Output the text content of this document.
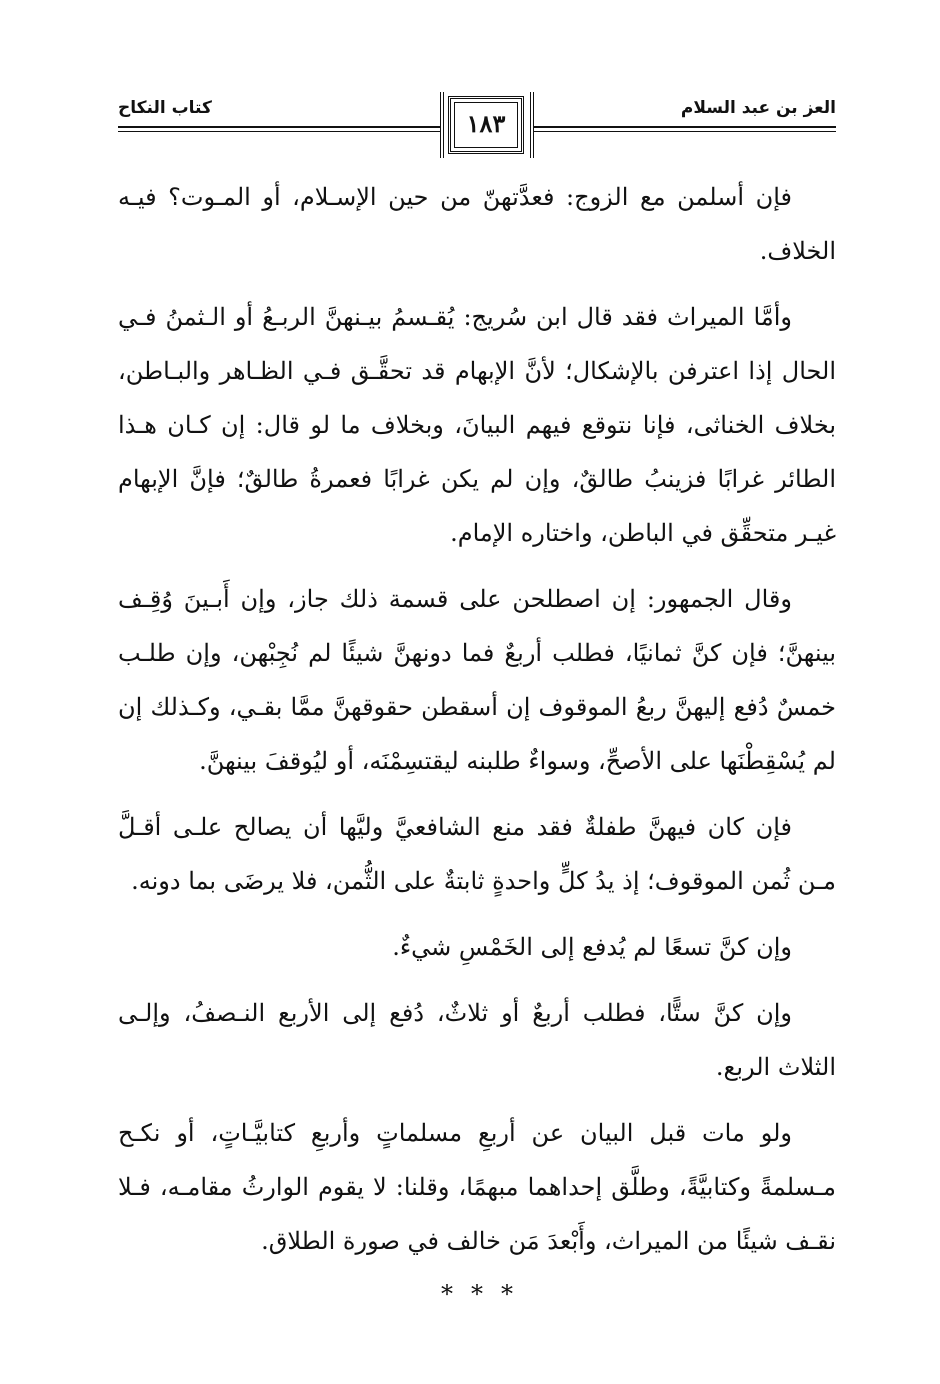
العز بن عبد السلام
كتاب النكاح
١٨٣

فإن أسلمن مع الزوج: فعدَّتهنّ من حين الإسـلام، أو المـوت؟ فيـه الخلاف.

وأمَّا الميراث فقد قال ابن سُريج: يُقـسمُ بيـنهنَّ الربـعُ أو الـثمنُ فـي الحال إذا اعترفن بالإشكال؛ لأنَّ الإبهام قد تحقَّـق فـي الظـاهر والبـاطن، بخلاف الخناثى، فإنا نتوقع فيهم البيانَ، وبخلاف ما لو قال: إن كـان هـذا الطائر غرابًا فزينبُ طالقٌ، وإن لم يكن غرابًا فعمرةُ طالقٌ؛ فإنَّ الإبهام غيـر متحقِّق في الباطن، واختاره الإمام.

وقال الجمهور: إن اصطلحن على قسمة ذلك جاز، وإن أَبـينَ وُقِـف بينهنَّ؛ فإن كنَّ ثمانيًا، فطلب أربعٌ فما دونهنَّ شيئًا لم نُجِبْهن، وإن طلـب خمسٌ دُفع إليهنَّ ربعُ الموقوف إن أسقطن حقوقهنَّ ممَّا بقـي، وكـذلك إن لم يُسْقِطْنَها على الأصحِّ، وسواءٌ طلبنه ليقتسِمْنَه، أو ليُوقفَ بينهنَّ.

فإن كان فيهنَّ طفلةٌ فقد منع الشافعيَّ وليَّها أن يصالح علـى أقـلَّ مـن ثُمن الموقوف؛ إذ يدُ كلٍّ واحدةٍ ثابتةٌ على الثُّمن، فلا يرضَى بما دونه.

وإن كنَّ تسعًا لم يُدفع إلى الخَمْسِ شيءٌ.

وإن كنَّ ستًّا، فطلب أربعٌ أو ثلاثٌ، دُفع إلى الأربع النـصفُ، وإلـى الثلاث الربع.

ولو مات قبل البيان عن أربعِ مسلماتٍ وأربعِ كتابيَّـاتٍ، أو نكـح مـسلمةً وكتابيَّةً، وطلَّق إحداهما مبهمًا، وقلنا: لا يقوم الوارثُ مقامـه، فـلا نقـف شيئًا من الميراث، وأَبْعدَ مَن خالف في صورة الطلاق.

***
